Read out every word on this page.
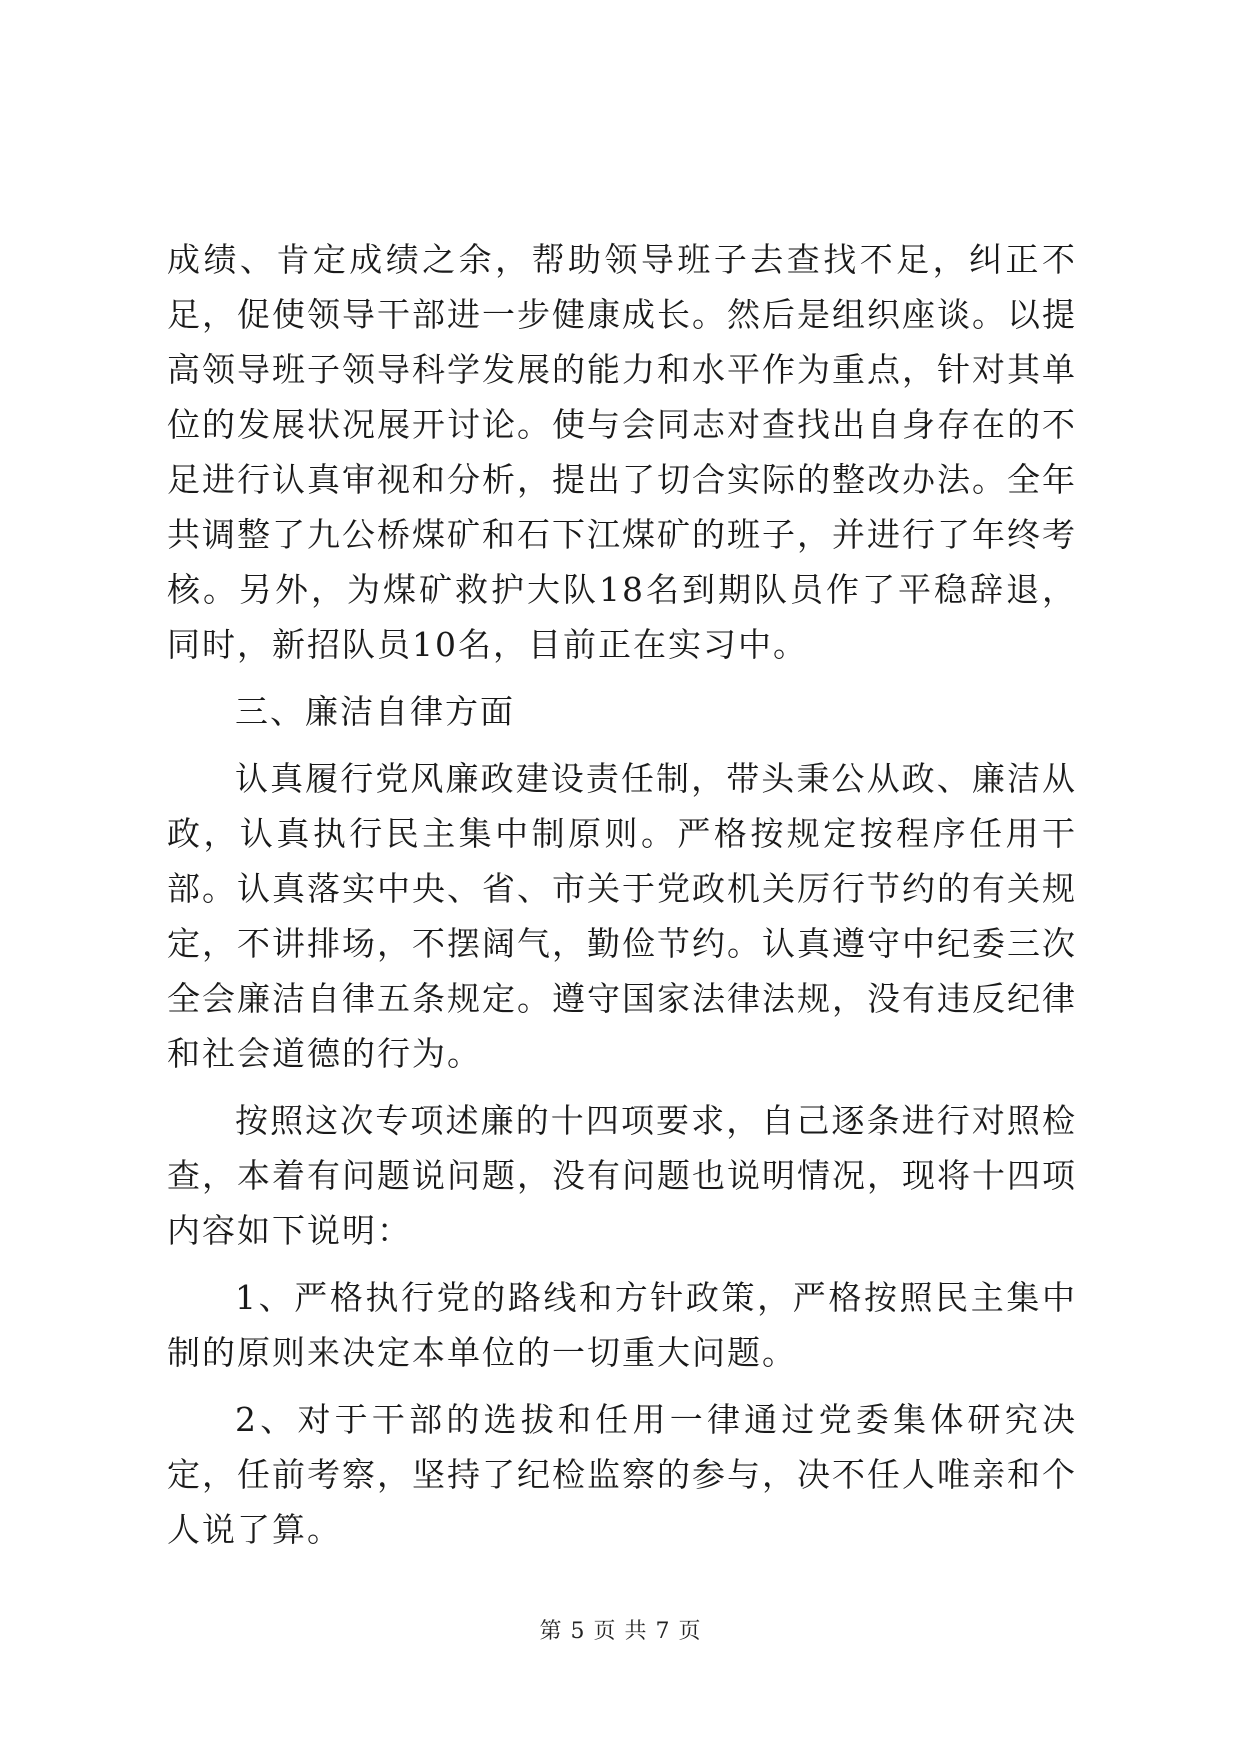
成绩、肯定成绩之余，帮助领导班子去查找不足，纠正不足，促使领导干部进一步健康成长。然后是组织座谈。以提高领导班子领导科学发展的能力和水平作为重点，针对其单位的发展状况展开讨论。使与会同志对查找出自身存在的不足进行认真审视和分析，提出了切合实际的整改办法。全年共调整了九公桥煤矿和石下江煤矿的班子，并进行了年终考核。另外，为煤矿救护大队18名到期队员作了平稳辞退，同时，新招队员10名，目前正在实习中。

三、廉洁自律方面

认真履行党风廉政建设责任制，带头秉公从政、廉洁从政，认真执行民主集中制原则。严格按规定按程序任用干部。认真落实中央、省、市关于党政机关厉行节约的有关规定，不讲排场，不摆阔气，勤俭节约。认真遵守中纪委三次全会廉洁自律五条规定。遵守国家法律法规，没有违反纪律和社会道德的行为。

按照这次专项述廉的十四项要求，自己逐条进行对照检查，本着有问题说问题，没有问题也说明情况，现将十四项内容如下说明：

1、严格执行党的路线和方针政策，严格按照民主集中制的原则来决定本单位的一切重大问题。

2、对于干部的选拔和任用一律通过党委集体研究决定，任前考察，坚持了纪检监察的参与，决不任人唯亲和个人说了算。

第 5 页 共 7 页
